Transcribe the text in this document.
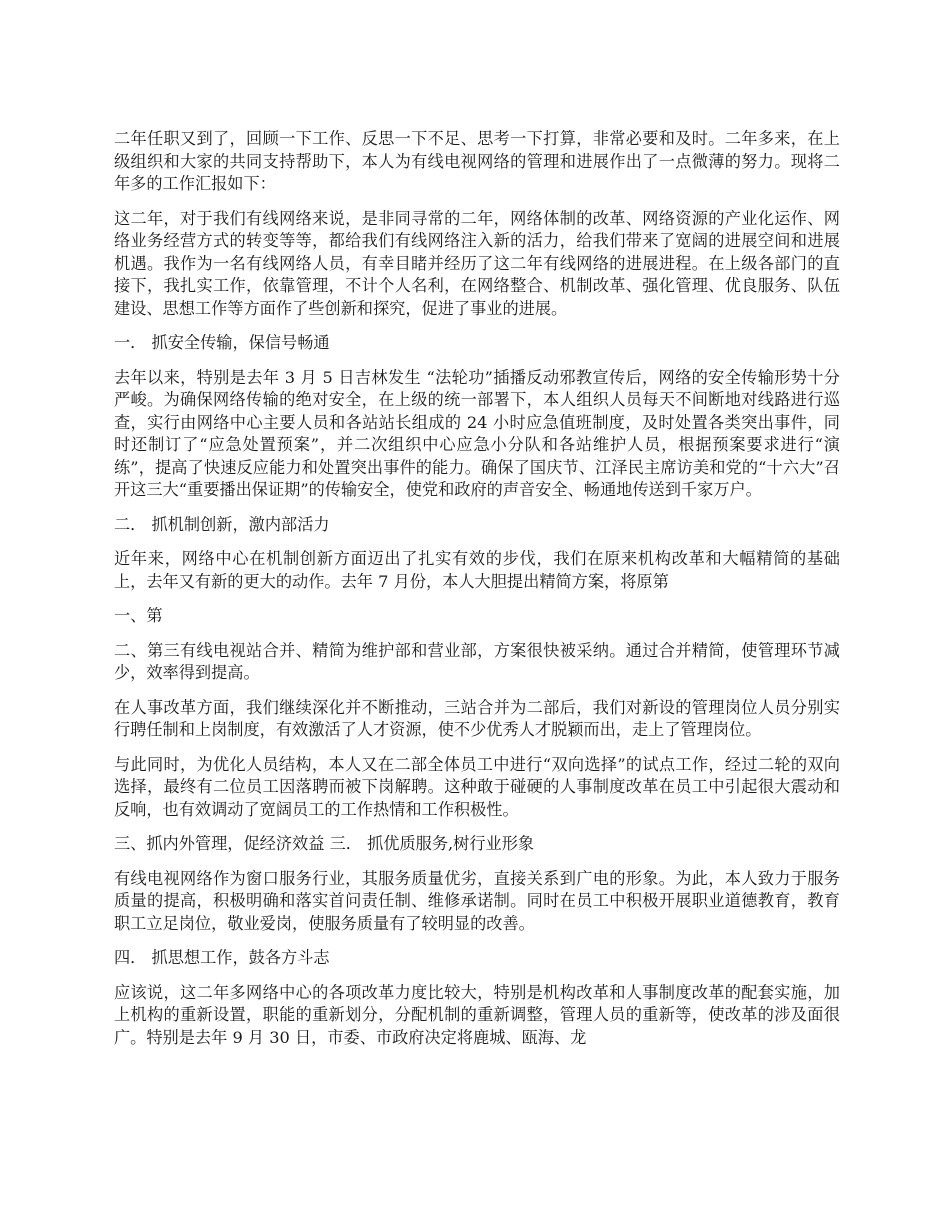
二年任职又到了，回顾一下工作、反思一下不足、思考一下打算，非常必要和及时。二年多来，在上级组织和大家的共同支持帮助下，本人为有线电视网络的管理和进展作出了一点微薄的努力。现将二年多的工作汇报如下：

这二年，对于我们有线网络来说，是非同寻常的二年，网络体制的改革、网络资源的产业化运作、网络业务经营方式的转变等等，都给我们有线网络注入新的活力，给我们带来了宽阔的进展空间和进展机遇。我作为一名有线网络人员，有幸目睹并经历了这二年有线网络的进展进程。在上级各部门的直接下，我扎实工作，依靠管理，不计个人名利，在网络整合、机制改革、强化管理、优良服务、队伍建设、思想工作等方面作了些创新和探究，促进了事业的进展。

一． 抓安全传输，保信号畅通

去年以来，特别是去年 3 月 5 日吉林发生 “法轮功”插播反动邪教宣传后，网络的安全传输形势十分严峻。为确保网络传输的绝对安全，在上级的统一部署下，本人组织人员每天不间断地对线路进行巡查，实行由网络中心主要人员和各站站长组成的 24 小时应急值班制度，及时处置各类突出事件，同时还制订了“应急处置预案”，并二次组织中心应急小分队和各站维护人员，根据预案要求进行“演练”，提高了快速反应能力和处置突出事件的能力。确保了国庆节、江泽民主席访美和党的“十六大”召开这三大“重要播出保证期”的传输安全，使党和政府的声音安全、畅通地传送到千家万户。

二． 抓机制创新，激内部活力

近年来，网络中心在机制创新方面迈出了扎实有效的步伐，我们在原来机构改革和大幅精简的基础上，去年又有新的更大的动作。去年 7 月份，本人大胆提出精简方案，将原第

一、第

二、第三有线电视站合并、精简为维护部和营业部，方案很快被采纳。通过合并精简，使管理环节减少，效率得到提高。

在人事改革方面，我们继续深化并不断推动，三站合并为二部后，我们对新设的管理岗位人员分别实行聘任制和上岗制度，有效激活了人才资源，使不少优秀人才脱颖而出，走上了管理岗位。

与此同时，为优化人员结构，本人又在二部全体员工中进行“双向选择”的试点工作，经过二轮的双向选择，最终有二位员工因落聘而被下岗解聘。这种敢于碰硬的人事制度改革在员工中引起很大震动和反响，也有效调动了宽阔员工的工作热情和工作积极性。

三、抓内外管理，促经济效益 三． 抓优质服务,树行业形象

有线电视网络作为窗口服务行业，其服务质量优劣，直接关系到广电的形象。为此，本人致力于服务质量的提高，积极明确和落实首问责任制、维修承诺制。同时在员工中积极开展职业道德教育，教育职工立足岗位，敬业爱岗，使服务质量有了较明显的改善。

四． 抓思想工作，鼓各方斗志

应该说，这二年多网络中心的各项改革力度比较大，特别是机构改革和人事制度改革的配套实施，加上机构的重新设置，职能的重新划分，分配机制的重新调整，管理人员的重新等，使改革的涉及面很广。特别是去年 9 月 30 日，市委、市政府决定将鹿城、瓯海、龙
